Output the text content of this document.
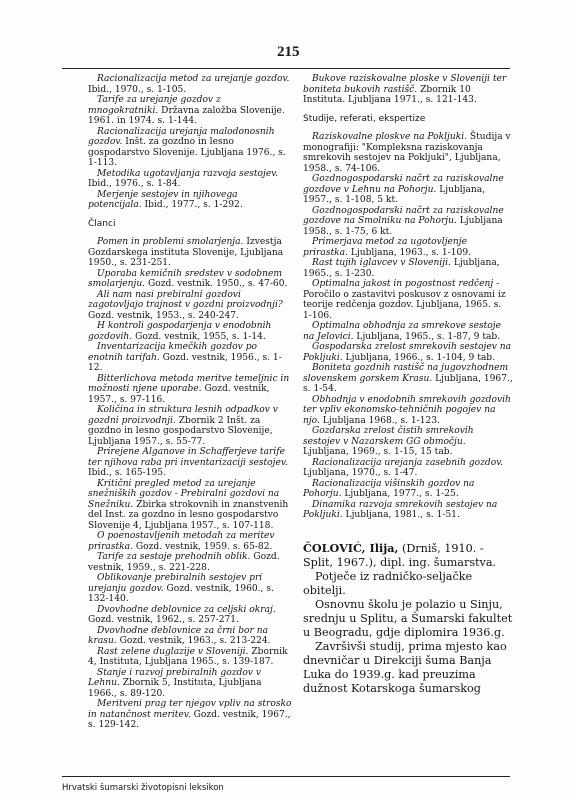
215

Racionalizacija metod za urejanje gozdov. Ibid., 1970., s. 1-105.

Tarife za urejanje gozdov z mnogokratniki. Državna založba Slovenije. 1961. in 1974. s. 1-144.

Racionalizacija urejanja malodonosnih gozdov. Inšt. za gozdno in lesno gospodarstvo Slovenije. Ljubljana 1976., s. 1-113.

Metodika ugotavljanja razvoja sestojev. Ibid., 1976., s. 1-84.

Merjenje sestojev in njihovega potencijala. Ibid., 1977., s. 1-292.

Članci

Pomen in problemi smolarjenja. Izvestja Gozdarskega instituta Slovenije, Ljubljana 1950., s. 231-251.

Uporaba kemičnih sredstev v sodobnem smolarjenju. Gozd. vestnik. 1950., s. 47-60.

Ali nam nasi prebiralni gozdovi zagotovljajo trajnost v gozdni proizvodnji? Gozd. vestnik, 1953., s. 240-247.

H kontroli gospodarjenja v enodobnih gozdovih. Gozd. vestnik, 1955, s. 1-14.

Inventarizacija kmečkih gozdov po enotnih tarifah. Gozd. vestnik, 1956., s. 1-12.

Bitterlichova metoda meritve temeljnic in možnosti njene uporabe. Gozd. vestnik, 1957., s. 97-116.

Količina in struktura lesnih odpadkov v gozdni proizvodnji. Zbornik 2 Inšt. za gozdno in lesno gospodarstvo Slovenije, Ljubljana 1957., s. 55-77.

Prirejene Alganove in Schafferjeve tarife ter njihova raba pri inventarizaciji sestojev. Ibid., s. 165-195.

Kritični pregled metod za urejanje snežniških gozdov - Prebiralni gozdovi na Snežniku. Zbirka strokovnih in znanstvenih del Inst. za gozdno in lesno gospodarstvo Slovenije 4, Ljubljana 1957., s. 107-118.

O poenostavljenih metodah za meritev prirastka. Gozd. vestnik, 1959. s. 65-82.

Tarife za sestoje prehodnih oblik. Gozd. vestnik, 1959., s. 221-228.

Oblikovanje prebiralnih sestojev pri urejanju gozdov. Gozd. vestnik, 1960., s. 132-140.

Dvovhodne deblovnice za celjski okraj. Gozd. vestnik, 1962., s. 257-271.

Dvovhodne deblovnice za črni bor na krasu. Gozd. vestnik, 1963., s. 213-224.

Rast zelene duglazije v Sloveniji. Zbornik 4, Instituta, Ljubljana 1965., s. 139-187.

Stanje i razvoj prebiralnih gozdov v Lehnu. Zbornik 5, Instituta, Ljubljana 1966., s. 89-120.

Meritveni prag ter njegov vpliv na strosko in natančnost meritev. Gozd. vestnik, 1967., s. 129-142.

Bukove raziskovalne ploske v Sloveniji ter boniteta bukovih rastišč. Zbornik 10 Instituta. Ljubljana 1971., s. 121-143.

Studije, referati, ekspertize

Raziskovalne ploskve na Pokljuki. Študija v monografiji: "Kompleksna raziskovanja smrekovih sestojev na Pokljuki", Ljubljana, 1958., s. 74-106.

Gozdnogospodarski načrt za raziskovalne gozdove v Lehnu na Pohorju. Ljubljana, 1957., s. 1-108, 5 kt.

Gozdnogospodarski načrt za raziskovalne gozdove na Smolniku na Pohorju. Ljubljana 1958., s. 1-75, 6 kt.

Primerjava metod za ugotovljenje prirastka. Ljubljana, 1963., s. 1-109.

Rast tujih iglavcev v Sloveniji. Ljubljana, 1965., s. 1-230.

Optimalna jakost in pogostnost redčenj - Poročilo o zastavitvi poskusov z osnovami iz teorije redčenja gozdov. Ljubljana, 1965. s. 1-106.

Optimalna obhodnja za smrekove sestoje na Jelovici. Ljubljana, 1965., s. 1-87, 9 tab.

Gospodarska zrelost smrekovih sestojev na Pokljuki. Ljubljana, 1966., s. 1-104, 9 tab.

Boniteta gozdnih rastišč na jugovzhodnem slovenskem gorskem Krasu. Ljubljana, 1967., s. 1-54.

Obhodnja v enodobnih smrekovih gozdovih ter vpliv ekonomsko-tehničnih pogojev na njo. Ljubljana 1968., s. 1-123.

Gozdarska zrelost čistih smrekovih sestojev v Nazarskem GG območju. Ljubljana, 1969., s. 1-15, 15 tab.

Racionalizacija urejanja zasebnih gozdov. Ljubljana, 1970., s. 1-47.

Racionalizacija višinskih gozdov na Pohorju. Ljubljana, 1977., s. 1-25.

Dinamika razvoja smrekovih sestojev na Pokljuki. Ljubljana, 1981., s. 1-51.

ČOLOVIĆ, Ilija, (Drniš, 1910. - Split, 1967.), dipl. ing. šumarstva.

Potječe iz radničko-seljačke obitelji.

Osnovnu školu je polazio u Sinju, srednju u Splitu, a Šumarski fakultet u Beogradu, gdje diplomira 1936.g.

Završivši studij, prima mjesto kao dnevničar u Direkciji šuma Banja Luka do 1939.g. kad preuzima dužnost Kotarskoga šumarskog

Hrvatski šumarski životopisni leksikon
